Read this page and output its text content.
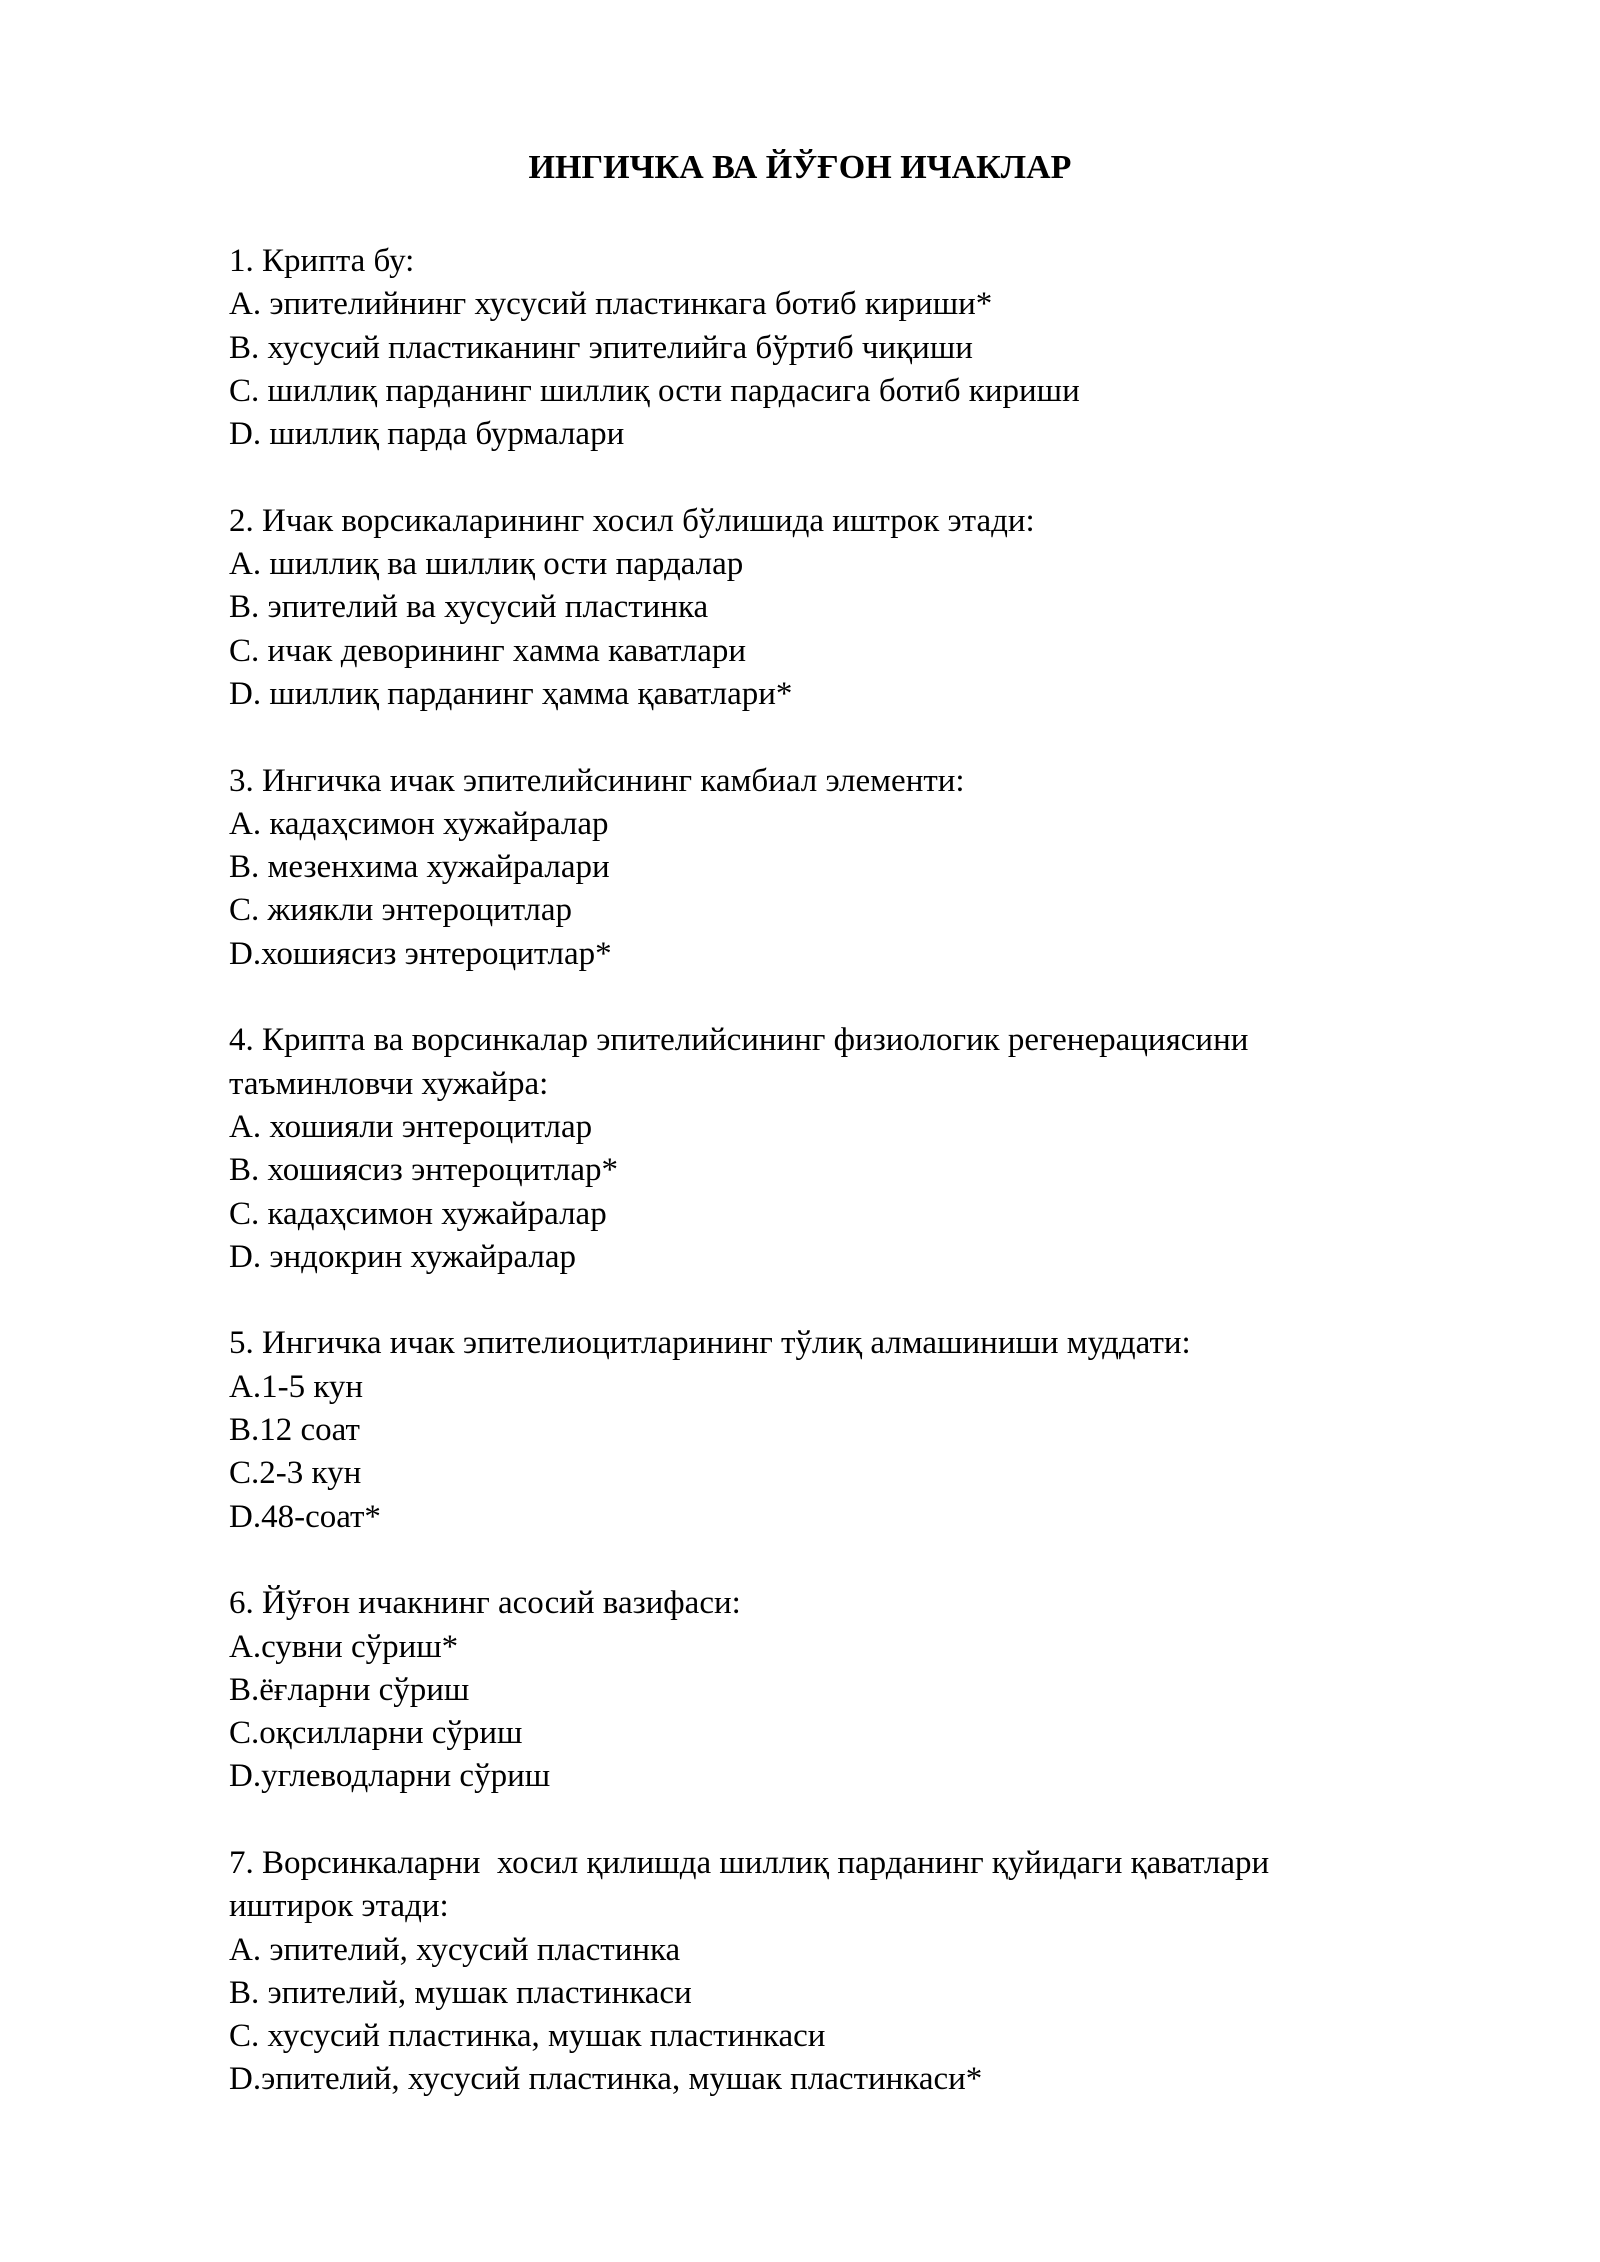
ИНГИЧКА ВА ЙЎҒОН ИЧАКЛАР
1. Крипта бу:
A. эпителийнинг хусусий пластинкага ботиб кириши*
B. хусусий пластиканинг эпителийга бўртиб чиқиши
C. шиллиқ парданинг шиллиқ ости пардасига ботиб кириши
D. шиллиқ парда бурмалари
2. Ичак ворсикаларининг хосил бўлишида иштрок этади:
A. шиллиқ ва шиллиқ ости пардалар
B. эпителий ва хусусий пластинка
C. ичак деворининг хамма каватлари
D. шиллиқ парданинг ҳамма қаватлари*
3. Ингичка ичак эпителийсининг камбиал элементи:
A. кадаҳсимон хужайралар
B. мезенхима хужайралари
C. жиякли энтероцитлар
D.хошиясиз энтероцитлар*
4. Крипта ва ворсинкалар эпителийсининг физиологик регенерациясини
таъминловчи хужайра:
A. хошияли энтероцитлар
B. хошиясиз энтероцитлар*
C. кадаҳсимон хужайралар
D. эндокрин хужайралар
5. Ингичка ичак эпителиоцитларининг тўлиқ алмашиниши муддати:
A.1-5 кун
B.12 соат
C.2-3 кун
D.48-соат*
6. Йўғон ичакнинг асосий вазифаси:
A.сувни сўриш*
B.ёғларни сўриш
C.оқсилларни сўриш
D.углеводларни сўриш
7. Ворсинкаларни  хосил қилишда шиллиқ парданинг қуйидаги қаватлари
иштирок этади:
A. эпителий, хусусий пластинка
B. эпителий, мушак пластинкаси
C. хусусий пластинка, мушак пластинкаси
D.эпителий, хусусий пластинка, мушак пластинкаси*
